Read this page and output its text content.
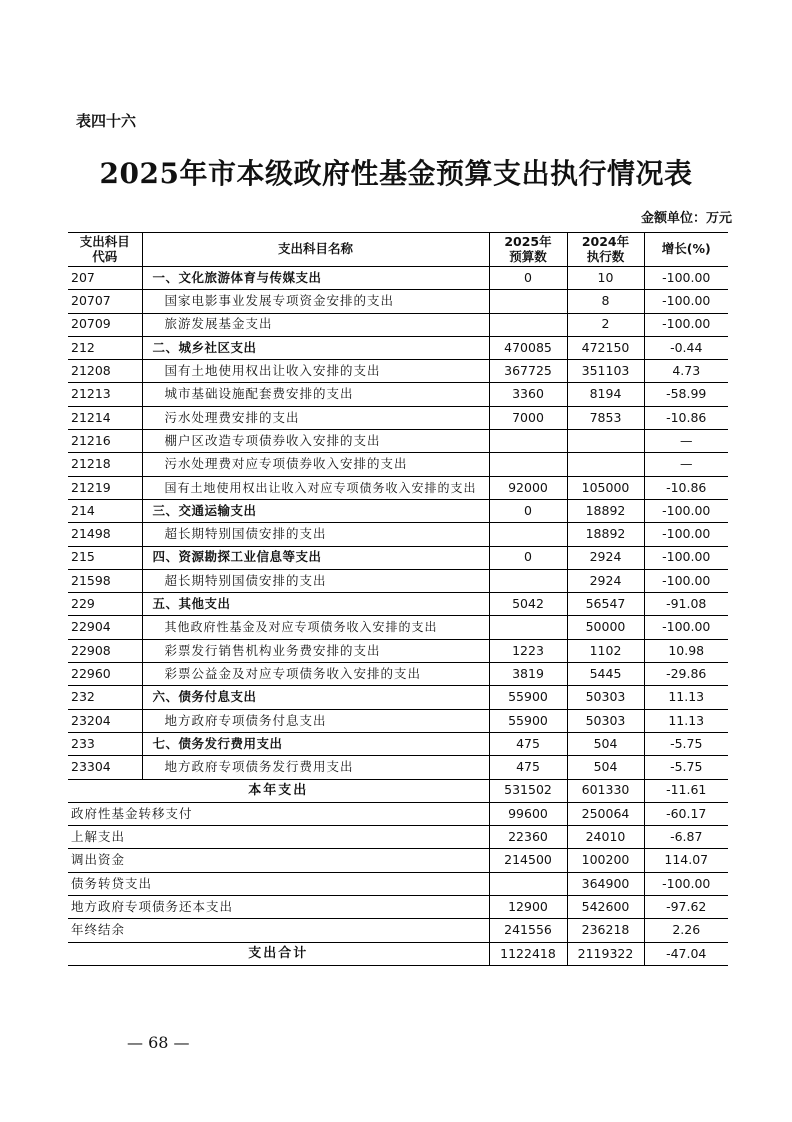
表四十六
2025年市本级政府性基金预算支出执行情况表
金额单位：万元
支出科目代码	支出科目名称	2025年预算数	2024年执行数	增长(%)
207	一、文化旅游体育与传媒支出	0	10	-100.00
20707	国家电影事业发展专项资金安排的支出		8	-100.00
20709	旅游发展基金支出		2	-100.00
212	二、城乡社区支出	470085	472150	-0.44
21208	国有土地使用权出让收入安排的支出	367725	351103	4.73
21213	城市基础设施配套费安排的支出	3360	8194	-58.99
21214	污水处理费安排的支出	7000	7853	-10.86
21216	棚户区改造专项债券收入安排的支出			—
21218	污水处理费对应专项债券收入安排的支出			—
21219	国有土地使用权出让收入对应专项债务收入安排的支出	92000	105000	-10.86
214	三、交通运输支出	0	18892	-100.00
21498	超长期特别国债安排的支出		18892	-100.00
215	四、资源勘探工业信息等支出	0	2924	-100.00
21598	超长期特别国债安排的支出		2924	-100.00
229	五、其他支出	5042	56547	-91.08
22904	其他政府性基金及对应专项债务收入安排的支出		50000	-100.00
22908	彩票发行销售机构业务费安排的支出	1223	1102	10.98
22960	彩票公益金及对应专项债务收入安排的支出	3819	5445	-29.86
232	六、债务付息支出	55900	50303	11.13
23204	地方政府专项债务付息支出	55900	50303	11.13
233	七、债务发行费用支出	475	504	-5.75
23304	地方政府专项债务发行费用支出	475	504	-5.75
本年支出		531502	601330	-11.61
政府性基金转移支付		99600	250064	-60.17
上解支出		22360	24010	-6.87
调出资金		214500	100200	114.07
债务转贷支出			364900	-100.00
地方政府专项债务还本支出		12900	542600	-97.62
年终结余		241556	236218	2.26
支出合计		1122418	2119322	-47.04
— 68 —
